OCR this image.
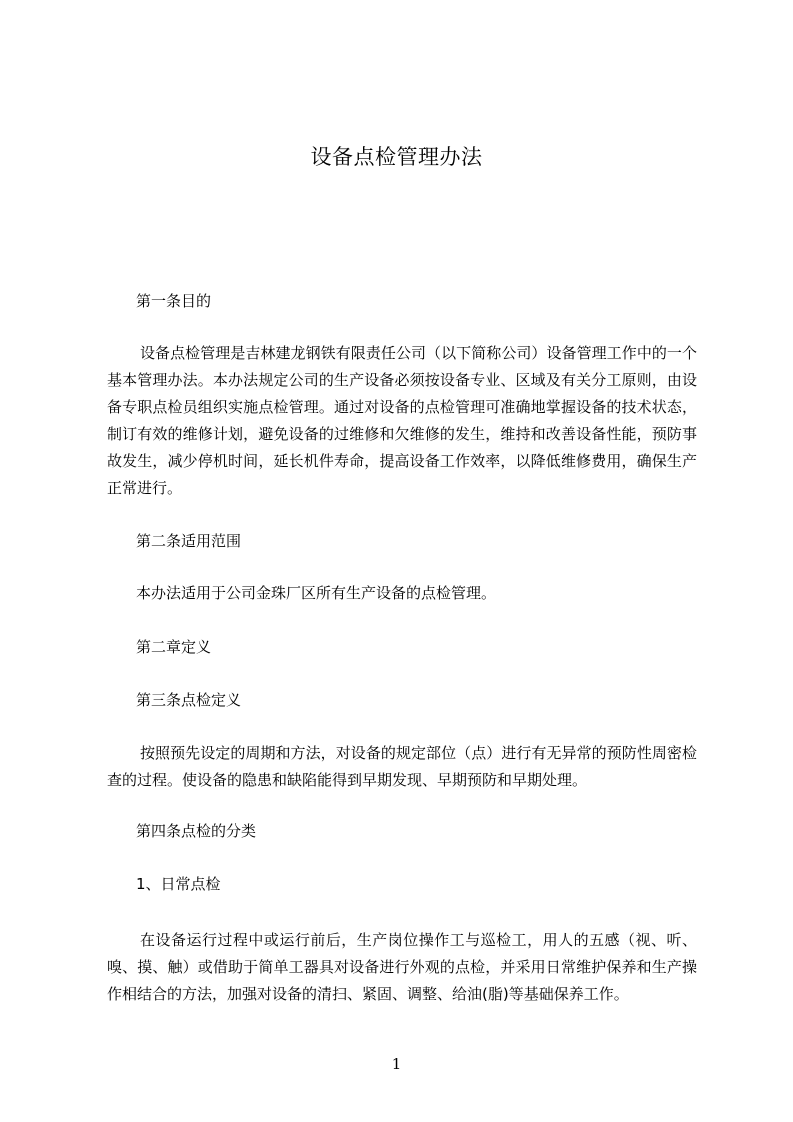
设备点检管理办法
第一条目的
设备点检管理是吉林建龙钢铁有限责任公司（以下简称公司）设备管理工作中的一个基本管理办法。本办法规定公司的生产设备必须按设备专业、区域及有关分工原则，由设备专职点检员组织实施点检管理。通过对设备的点检管理可准确地掌握设备的技术状态，制订有效的维修计划，避免设备的过维修和欠维修的发生，维持和改善设备性能，预防事故发生，减少停机时间，延长机件寿命，提高设备工作效率，以降低维修费用，确保生产正常进行。
第二条适用范围
本办法适用于公司金珠厂区所有生产设备的点检管理。
第二章定义
第三条点检定义
按照预先设定的周期和方法，对设备的规定部位（点）进行有无异常的预防性周密检查的过程。使设备的隐患和缺陷能得到早期发现、早期预防和早期处理。
第四条点检的分类
1、日常点检
在设备运行过程中或运行前后，生产岗位操作工与巡检工，用人的五感（视、听、嗅、摸、触）或借助于简单工器具对设备进行外观的点检，并采用日常维护保养和生产操作相结合的方法，加强对设备的清扫、紧固、调整、给油(脂)等基础保养工作。
1
